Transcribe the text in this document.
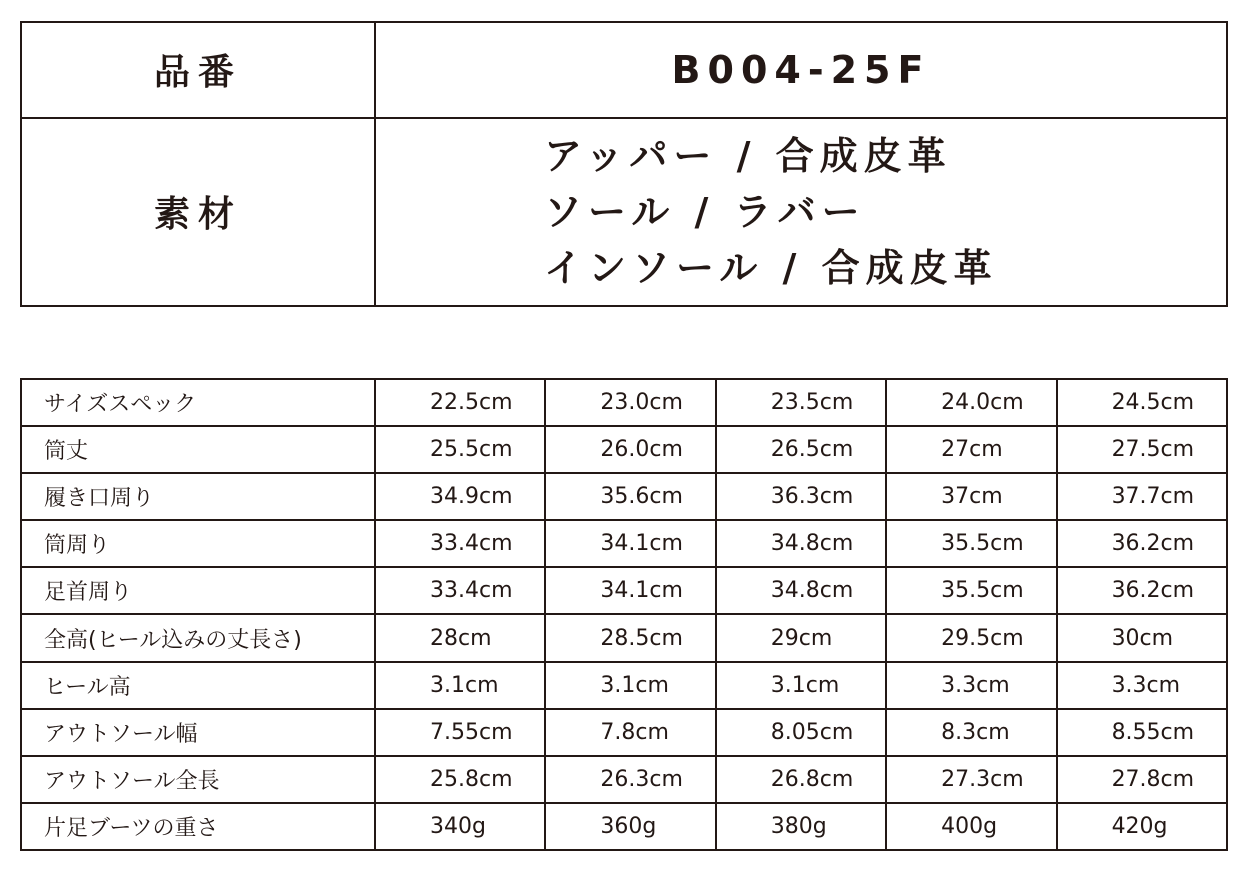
品番	B004-25F
素材	アッパー / 合成皮革
ソール / ラバー
インソール / 合成皮革
サイズスペック	22.5cm	23.0cm	23.5cm	24.0cm	24.5cm
筒丈	25.5cm	26.0cm	26.5cm	27cm	27.5cm
履き口周り	34.9cm	35.6cm	36.3cm	37cm	37.7cm
筒周り	33.4cm	34.1cm	34.8cm	35.5cm	36.2cm
足首周り	33.4cm	34.1cm	34.8cm	35.5cm	36.2cm
全高(ヒール込みの丈長さ)	28cm	28.5cm	29cm	29.5cm	30cm
ヒール高	3.1cm	3.1cm	3.1cm	3.3cm	3.3cm
アウトソール幅	7.55cm	7.8cm	8.05cm	8.3cm	8.55cm
アウトソール全長	25.8cm	26.3cm	26.8cm	27.3cm	27.8cm
片足ブーツの重さ	340g	360g	380g	400g	420g
